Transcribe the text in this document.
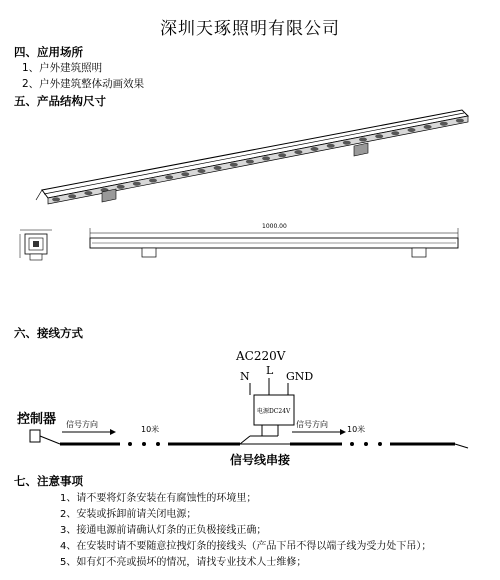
深圳天琢照明有限公司
四、应用场所
1、户外建筑照明
2、户外建筑整体动画效果
五、产品结构尺寸
1000.00
六、接线方式
AC220V
N L GND
电源DC24V
控制器 信号方向	信号方向
10米	10米
信号线串接
七、注意事项
1、请不要将灯条安装在有腐蚀性的环境里；
2、安装或拆卸前请关闭电源；
3、接通电源前请确认灯条的正负极接线正确；
4、在安装时请不要随意拉拽灯条的接线头（产品下吊不得以端子线为受力处下吊）；
5、如有灯不亮或损坏的情况，请找专业技术人士维修；
